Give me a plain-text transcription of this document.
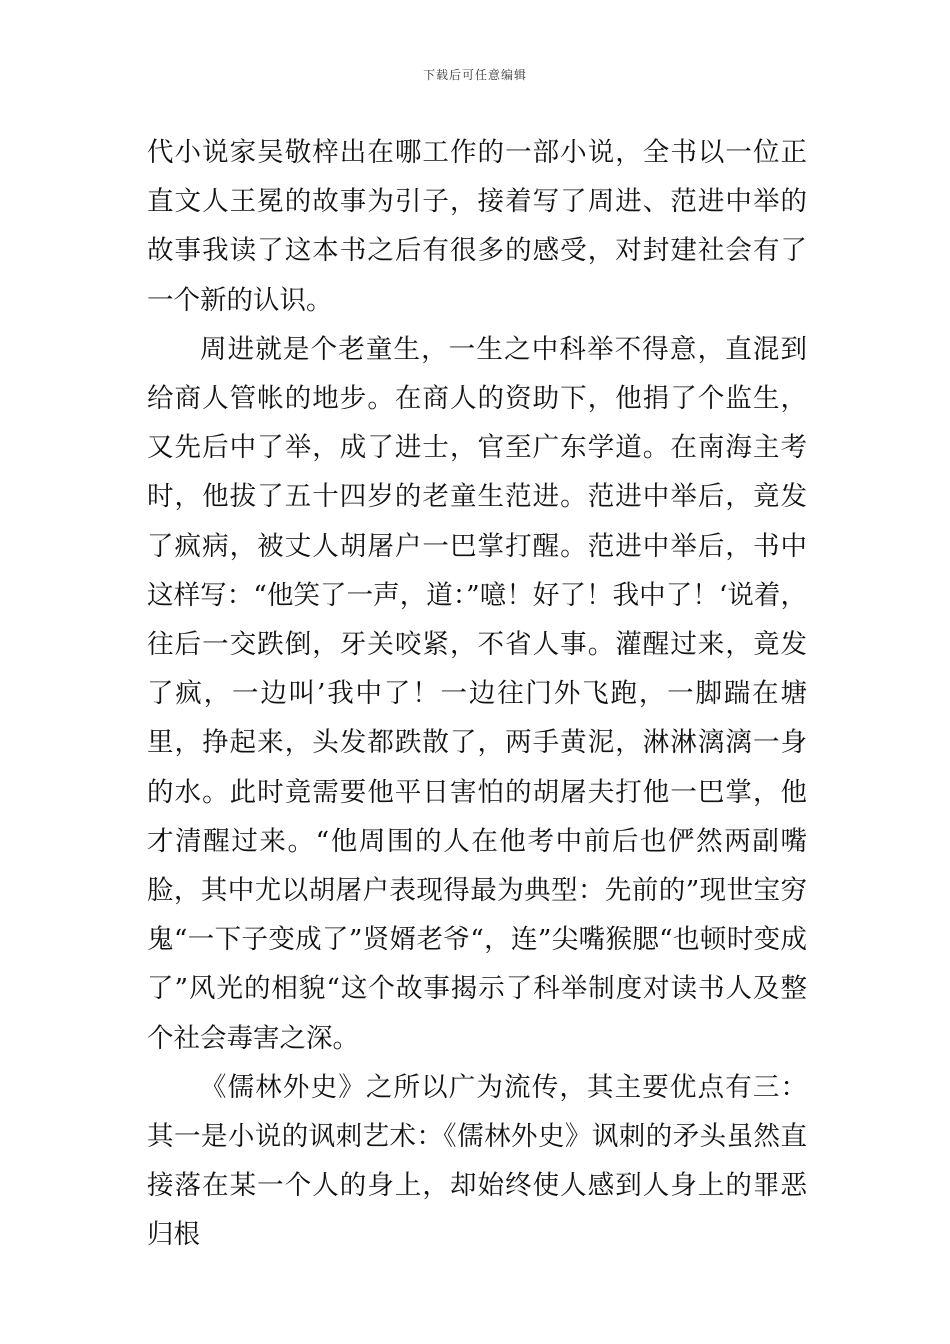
下载后可任意编辑

代小说家吴敬梓出在哪工作的一部小说，全书以一位正直文人王冕的故事为引子，接着写了周进、范进中举的故事我读了这本书之后有很多的感受，对封建社会有了一个新的认识。

周进就是个老童生，一生之中科举不得意，直混到给商人管帐的地步。在商人的资助下，他捐了个监生，又先后中了举，成了进士，官至广东学道。在南海主考时，他拔了五十四岁的老童生范进。范进中举后，竟发了疯病，被丈人胡屠户一巴掌打醒。范进中举后，书中这样写：“他笑了一声，道：”噫！好了！我中了！‘说着，往后一交跌倒，牙关咬紧，不省人事。灌醒过来，竟发了疯，一边叫’我中了！一边往门外飞跑，一脚踹在塘里，挣起来，头发都跌散了，两手黄泥，淋淋漓漓一身的水。此时竟需要他平日害怕的胡屠夫打他一巴掌，他才清醒过来。“他周围的人在他考中前后也俨然两副嘴脸，其中尤以胡屠户表现得最为典型：先前的”现世宝穷鬼“一下子变成了”贤婿老爷“，连”尖嘴猴腮“也顿时变成了”风光的相貌“这个故事揭示了科举制度对读书人及整个社会毒害之深。

《儒林外史》之所以广为流传，其主要优点有三：其一是小说的讽刺艺术：《儒林外史》讽刺的矛头虽然直接落在某一个人的身上，却始终使人感到人身上的罪恶归根
